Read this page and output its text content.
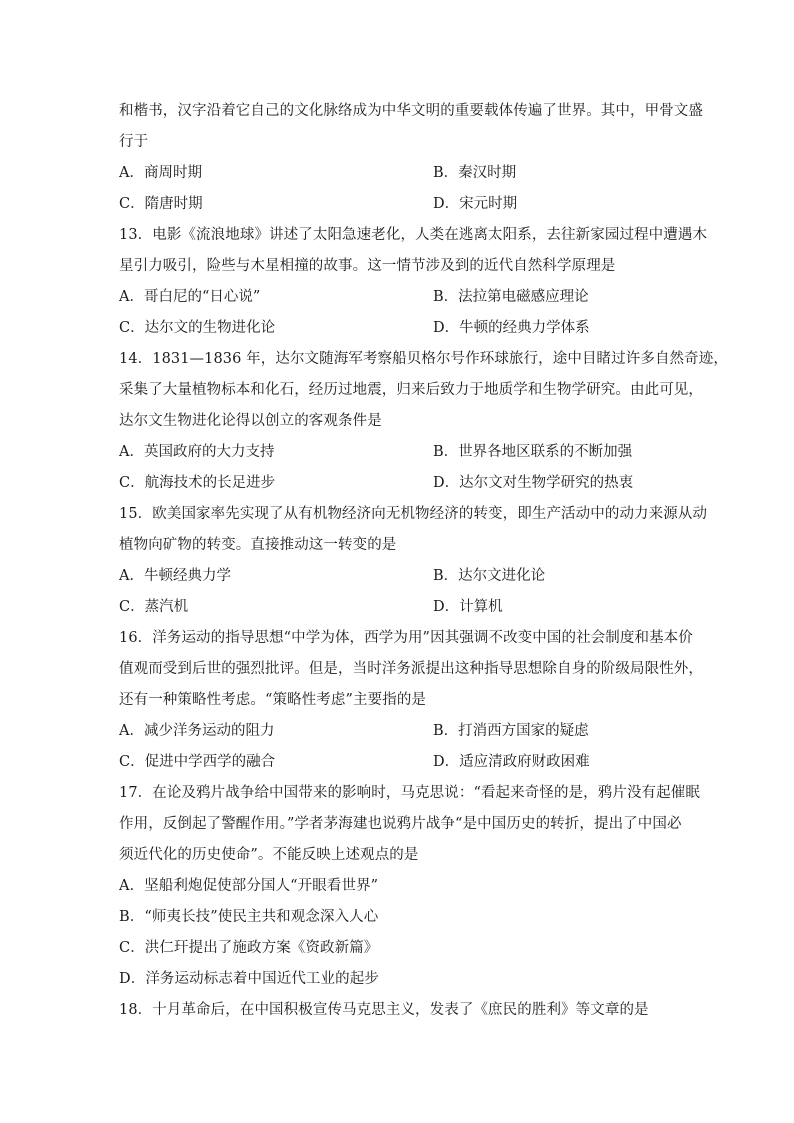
和楷书，汉字沿着它自己的文化脉络成为中华文明的重要载体传遍了世界。其中，甲骨文盛
行于
A．商周时期	B．秦汉时期
C．隋唐时期	D．宋元时期
13．电影《流浪地球》讲述了太阳急速老化，人类在逃离太阳系，去往新家园过程中遭遇木
星引力吸引，险些与木星相撞的故事。这一情节涉及到的近代自然科学原理是
A．哥白尼的“日心说”	B．法拉第电磁感应理论
C．达尔文的生物进化论	D．牛顿的经典力学体系
14．1831—1836 年，达尔文随海军考察船贝格尔号作环球旅行，途中目睹过许多自然奇迹，
采集了大量植物标本和化石，经历过地震，归来后致力于地质学和生物学研究。由此可见，
达尔文生物进化论得以创立的客观条件是
A．英国政府的大力支持	B．世界各地区联系的不断加强
C．航海技术的长足进步	D．达尔文对生物学研究的热衷
15．欧美国家率先实现了从有机物经济向无机物经济的转变，即生产活动中的动力来源从动
植物向矿物的转变。直接推动这一转变的是
A．牛顿经典力学	B．达尔文进化论
C．蒸汽机	D．计算机
16．洋务运动的指导思想“中学为体，西学为用”因其强调不改变中国的社会制度和基本价
值观而受到后世的强烈批评。但是，当时洋务派提出这种指导思想除自身的阶级局限性外，
还有一种策略性考虑。“策略性考虑”主要指的是
A．减少洋务运动的阻力	B．打消西方国家的疑虑
C．促进中学西学的融合	D．适应清政府财政困难
17．在论及鸦片战争给中国带来的影响时，马克思说：“看起来奇怪的是，鸦片没有起催眠
作用，反倒起了警醒作用。”学者茅海建也说鸦片战争“是中国历史的转折，提出了中国必
须近代化的历史使命”。不能反映上述观点的是
A．坚船利炮促使部分国人“开眼看世界”
B．“师夷长技”使民主共和观念深入人心
C．洪仁玕提出了施政方案《资政新篇》
D．洋务运动标志着中国近代工业的起步
18．十月革命后，在中国积极宣传马克思主义，发表了《庶民的胜利》等文章的是
